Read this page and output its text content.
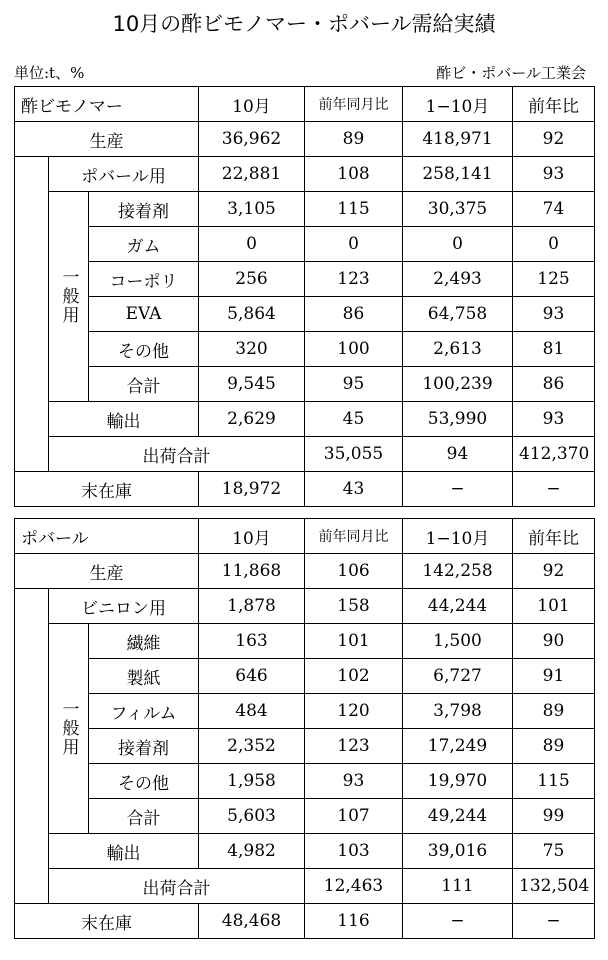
10月の酢ビモノマー・ポバール需給実績
単位:t、%	酢ビ・ポバール工業会
酢ビモノマー			10月	前年同月比	1−10月	前年比	
生産			36,962	89	418,971	92	
	ポバール用		22,881	108	258,141	93	

	一般用	接着剤	3,105	115	30,375	74	
		ガム	0	0	0	0	
		コーポリ	256	123	2,493	125	
		EVA	5,864	86	64,758	93	
		その他	320	100	2,613	81	
		合計	9,545	95	100,239	86	
	輸出		2,629	45	53,990	93	
	出荷合計			35,055	94	412,370	
末在庫			18,972	43	−	−	
ポバール			10月	前年同月比	1−10月	前年比	
生産			11,868	106	142,258	92	
	ビニロン用		1,878	158	44,244	101	

	一般用	繊維	163	101	1,500	90	
		製紙	646	102	6,727	91	
		フィルム	484	120	3,798	89	
		接着剤	2,352	123	17,249	89	
		その他	1,958	93	19,970	115	
		合計	5,603	107	49,244	99	
	輸出		4,982	103	39,016	75	
	出荷合計			12,463	111	132,504	
末在庫			48,468	116	−	−	
